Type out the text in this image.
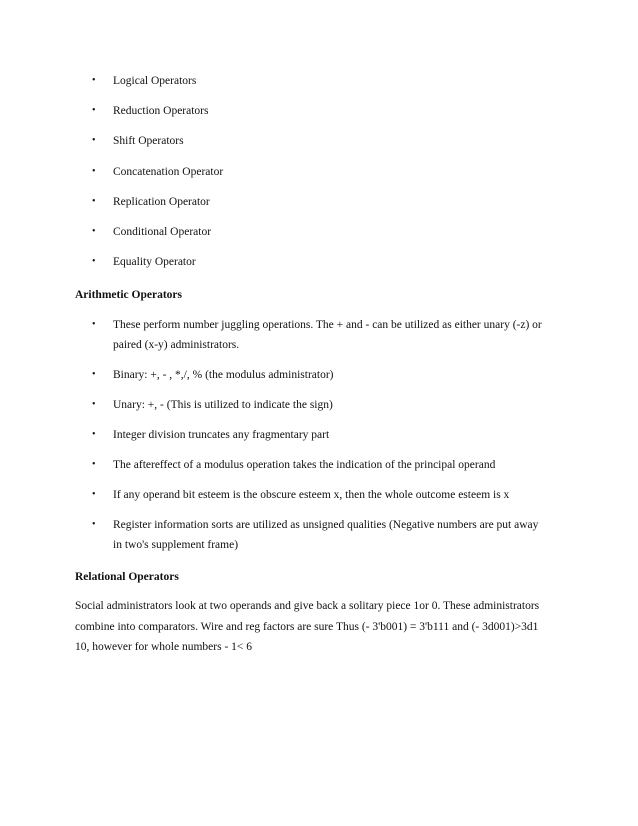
• Logical Operators
• Reduction Operators
• Shift Operators
• Concatenation Operator
• Replication Operator
• Conditional Operator
• Equality Operator
Arithmetic Operators
• These perform number juggling operations. The + and - can be utilized as either unary (-z) or paired (x-y) administrators.
• Binary: +, - , *,/, % (the modulus administrator)
• Unary: +, - (This is utilized to indicate the sign)
• Integer division truncates any fragmentary part
• The aftereffect of a modulus operation takes the indication of the principal operand
• If any operand bit esteem is the obscure esteem x, then the whole outcome esteem is x
• Register information sorts are utilized as unsigned qualities (Negative numbers are put away in two's supplement frame)
Relational Operators

Social administrators look at two operands and give back a solitary piece 1or 0. These administrators combine into comparators. Wire and reg factors are sure Thus (- 3'b001) = 3'b111 and (- 3d001)>3d1 10, however for whole numbers - 1< 6
